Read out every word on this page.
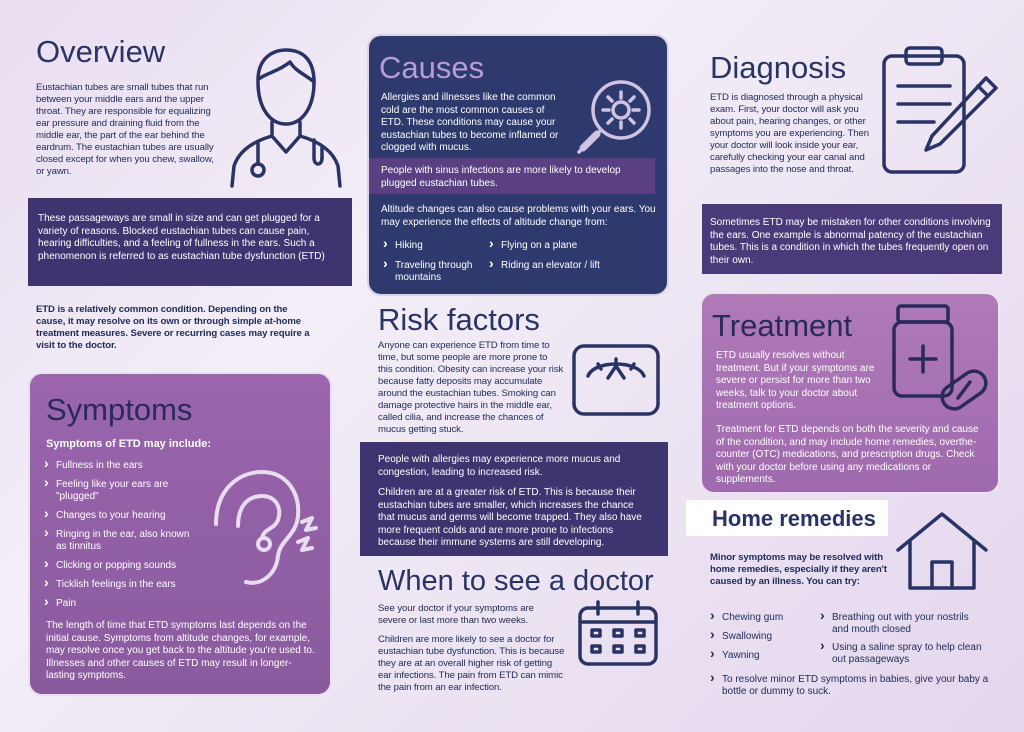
Overview

Eustachian tubes are small tubes that run between your middle ears and the upper throat. They are responsible for equalizing ear pressure and draining fluid from the middle ear, the part of the ear behind the eardrum. The eustachian tubes are usually closed except for when you chew, swallow, or yawn.

These passageways are small in size and can get plugged for a variety of reasons. Blocked eustachian tubes can cause pain, hearing difficulties, and a feeling of fullness in the ears. Such a phenomenon is referred to as eustachian tube dysfunction (ETD)

ETD is a relatively common condition. Depending on the cause, it may resolve on its own or through simple at-home treatment measures. Severe or recurring cases may require a visit to the doctor.

Symptoms

Symptoms of ETD may include:

› Fullness in the ears
› Feeling like your ears are "plugged"
› Changes to your hearing
› Ringing in the ear, also known as tinnitus
› Clicking or popping sounds
› Ticklish feelings in the ears
› Pain

The length of time that ETD symptoms last depends on the initial cause. Symptoms from altitude changes, for example, may resolve once you get back to the altitude you're used to. Illnesses and other causes of ETD may result in longer-lasting symptoms.

Causes

Allergies and illnesses like the common cold are the most common causes of ETD. These conditions may cause your eustachian tubes to become inflamed or clogged with mucus.

People with sinus infections are more likely to develop plugged eustachian tubes.

Altitude changes can also cause problems with your ears. You may experience the effects of altitude change from:

› Hiking
›	Flying on a plane
› Traveling through mountains
› Riding an elevator / lift
Risk factors

Anyone can experience ETD from time to time, but some people are more prone to this condition. Obesity can increase your risk because fatty deposits may accumulate around the eustachian tubes. Smoking can damage protective hairs in the middle ear, called cilia, and increase the chances of mucus getting stuck.

People with allergies may experience more mucus and congestion, leading to increased risk.

Children are at a greater risk of ETD. This is because their eustachian tubes are smaller, which increases the chance that mucus and germs will become trapped. They also have more frequent colds and are more prone to infections because their immune systems are still developing.

When to see a doctor

See your doctor if your symptoms are severe or last more than two weeks.

Children are more likely to see a doctor for eustachian tube dysfunction. This is because they are at an overall higher risk of getting ear infections. The pain from ETD can mimic the pain from an ear infection.

Diagnosis

ETD is diagnosed through a physical exam. First, your doctor will ask you about pain, hearing changes, or other symptoms you are experiencing. Then your doctor will look inside your ear, carefully checking your ear canal and passages into the nose and throat.

Sometimes ETD may be mistaken for other conditions involving the ears. One example is abnormal patency of the eustachian tubes. This is a condition in which the tubes frequently open on their own.

Treatment

ETD usually resolves without treatment. But if your symptoms are severe or persist for more than two weeks, talk to your doctor about treatment options.

Treatment for ETD depends on both the severity and cause of the condition, and may include home remedies, overthe-counter (OTC) medications, and prescription drugs. Check with your doctor before using any medications or supplements.

Home remedies

Minor symptoms may be resolved with home remedies, especially if they aren't caused by an illness. You can try:

› Chewing gum
› Swallowing
› Yawning
› Breathing out with your nostrils and mouth closed
› Using a saline spray to help clean out passageways
› To resolve minor ETD symptoms in babies, give your baby a bottle or dummy to suck.
